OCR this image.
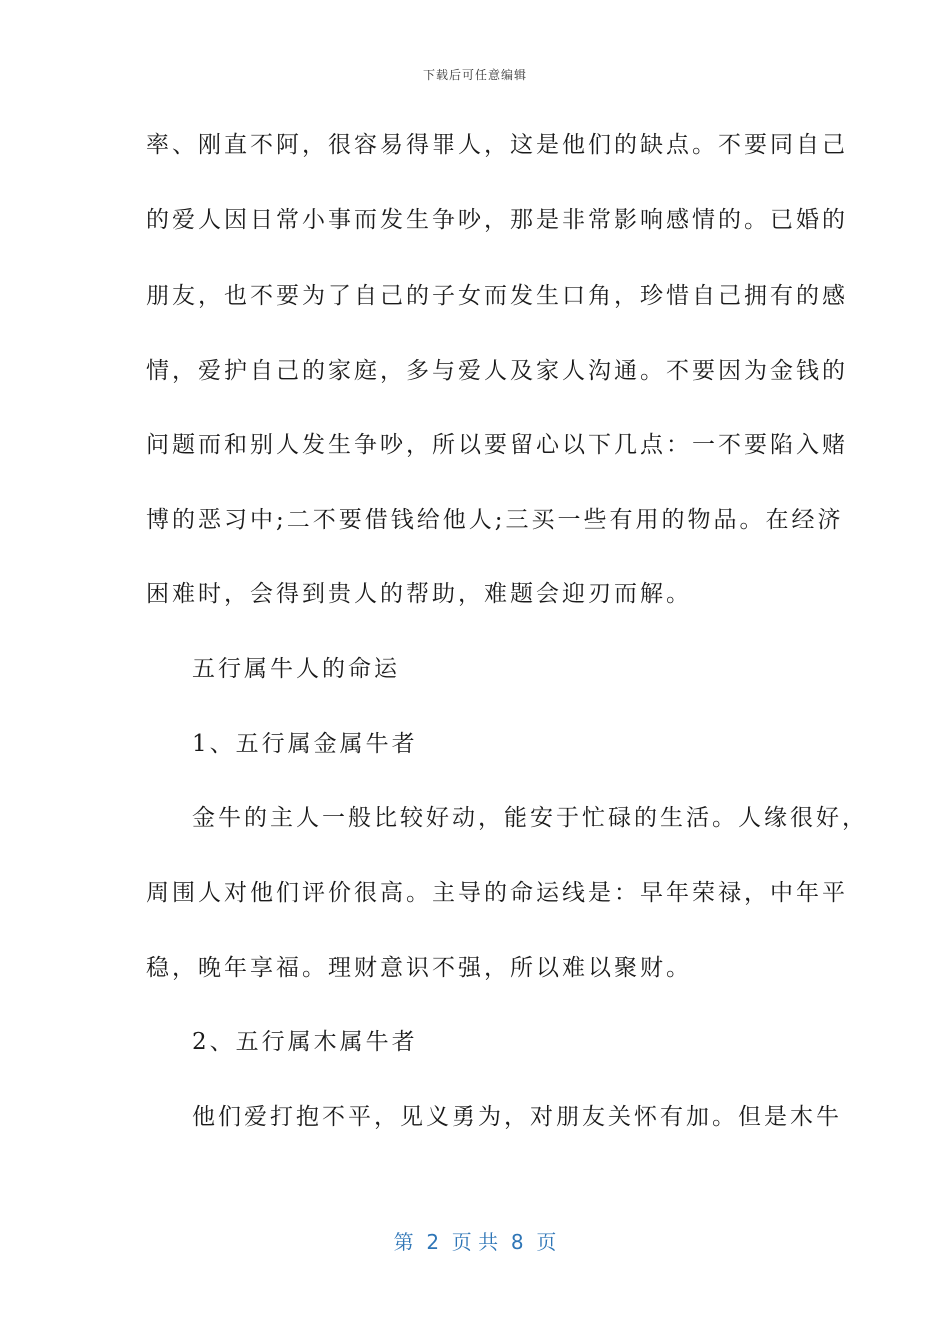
下载后可任意编辑
率、刚直不阿，很容易得罪人，这是他们的缺点。不要同自己
的爱人因日常小事而发生争吵，那是非常影响感情的。已婚的
朋友，也不要为了自己的子女而发生口角，珍惜自己拥有的感
情，爱护自己的家庭，多与爱人及家人沟通。不要因为金钱的
问题而和别人发生争吵，所以要留心以下几点：一不要陷入赌
博的恶习中;二不要借钱给他人;三买一些有用的物品。在经济
困难时，会得到贵人的帮助，难题会迎刃而解。
五行属牛人的命运
1、五行属金属牛者
金牛的主人一般比较好动，能安于忙碌的生活。人缘很好，
周围人对他们评价很高。主导的命运线是：早年荣禄，中年平
稳，晚年享福。理财意识不强，所以难以聚财。
2、五行属木属牛者
他们爱打抱不平，见义勇为，对朋友关怀有加。但是木牛
第  2  页 共  8  页
